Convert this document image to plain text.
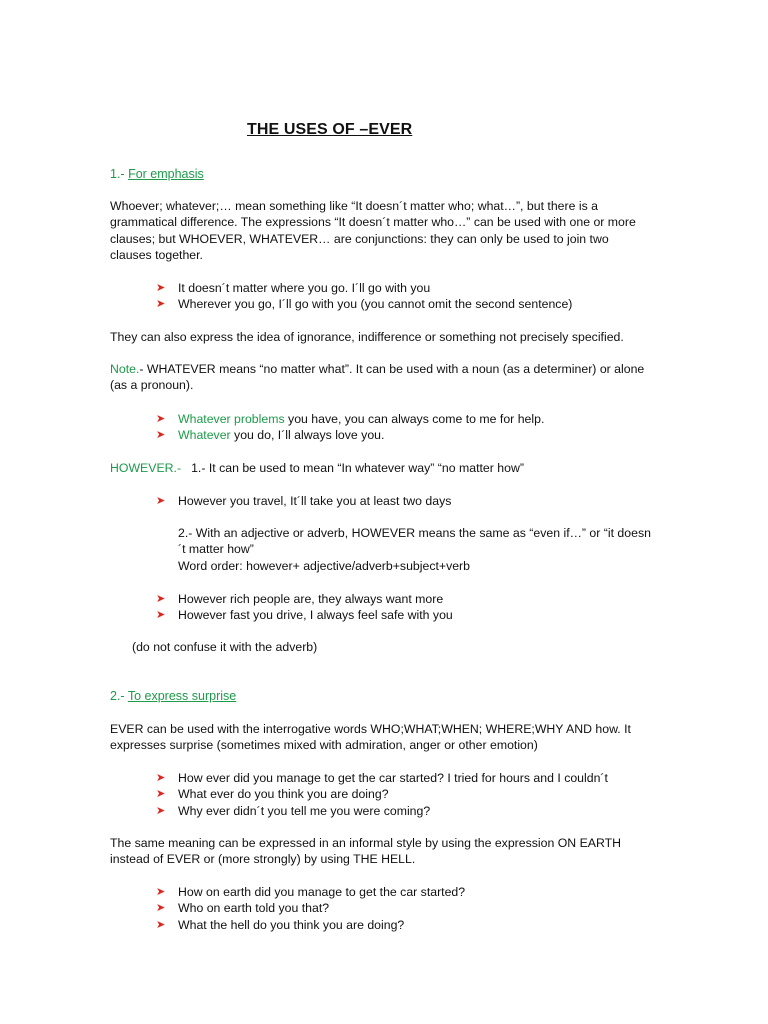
THE USES OF –EVER
1.- For emphasis
Whoever; whatever;… mean something like “It doesn´t matter who; what…”, but there is a grammatical difference. The expressions “It doesn´t matter who…” can be used with one or more clauses; but WHOEVER, WHATEVER… are conjunctions: they can only be used to join two clauses together.
➤ It doesn´t matter where you go. I´ll go with you
➤ Wherever you go, I´ll go with you (you cannot omit the second sentence)
They can also express the idea of ignorance, indifference or something not precisely specified.
Note.- WHATEVER means “no matter what”. It can be used with a noun (as a determiner) or alone (as a pronoun).
➤ Whatever problems you have, you can always come to me for help.
➤ Whatever you do, I´ll always love you.
HOWEVER.- 1.- It can be used to mean “In whatever way” “no matter how”
➤ However you travel, It´ll take you at least two days
2.- With an adjective or adverb, HOWEVER means the same as “even if…” or “it doesn´t matter how”
Word order: however+ adjective/adverb+subject+verb
➤ However rich people are, they always want more
➤ However fast you drive, I always feel safe with you
(do not confuse it with the adverb)
2.- To express surprise
EVER can be used with the interrogative words WHO;WHAT;WHEN; WHERE;WHY AND how. It expresses surprise (sometimes mixed with admiration, anger or other emotion)
➤ How ever did you manage to get the car started? I tried for hours and I couldn´t
➤ What ever do you think you are doing?
➤ Why ever didn´t you tell me you were coming?
The same meaning can be expressed in an informal style by using the expression ON EARTH instead of EVER or (more strongly) by using THE HELL.
➤ How on earth did you manage to get the car started?
➤ Who on earth told you that?
➤ What the hell do you think you are doing?
